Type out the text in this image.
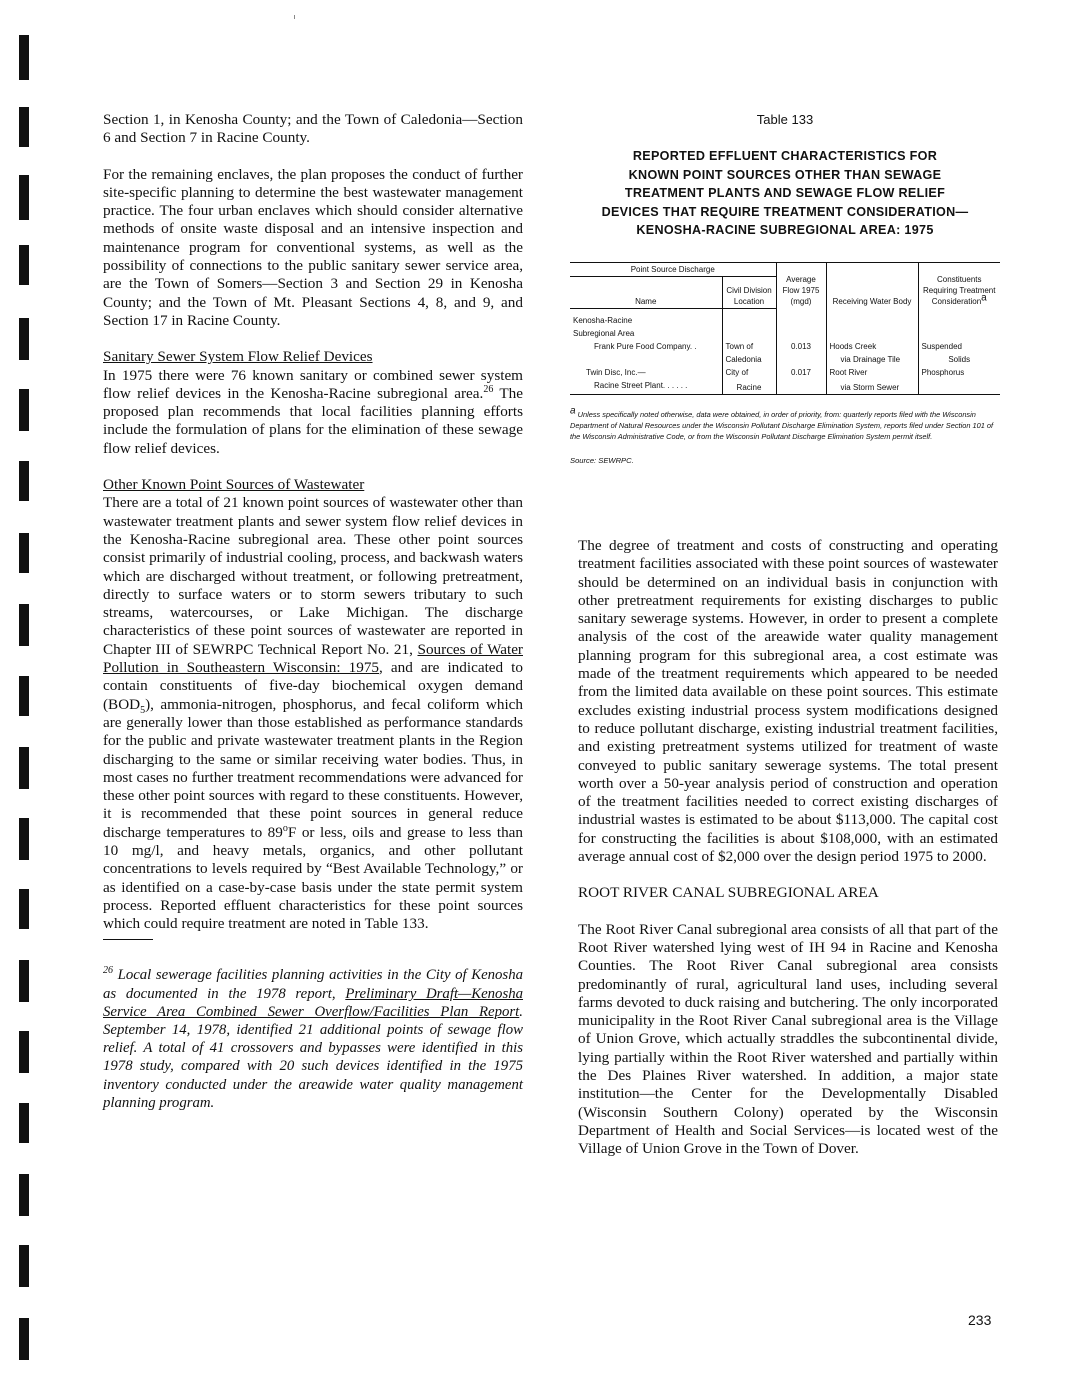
Section 1, in Kenosha County; and the Town of Caledonia—Section 6 and Section 7 in Racine County.

For the remaining enclaves, the plan proposes the conduct of further site-specific planning to determine the best wastewater management practice. The four urban enclaves which should consider alternative methods of onsite waste disposal and an intensive inspection and maintenance program for conventional systems, as well as the possibility of connections to the public sanitary sewer service area, are the Town of Somers—Section 3 and Section 29 in Kenosha County; and the Town of Mt. Pleasant Sections 4, 8, and 9, and Section 17 in Racine County.

Sanitary Sewer System Flow Relief Devices

In 1975 there were 76 known sanitary or combined sewer system flow relief devices in the Kenosha-Racine subregional area.$^{26}$ The proposed plan recommends that local facilities planning efforts include the formulation of plans for the elimination of these sewage flow relief devices.

Other Known Point Sources of Wastewater

There are a total of 21 known point sources of wastewater other than wastewater treatment plants and sewer system flow relief devices in the Kenosha-Racine subregional area. These other point sources consist primarily of industrial cooling, process, and backwash waters which are discharged without treatment, or following pretreatment, directly to surface waters or to storm sewers tributary to such streams, watercourses, or Lake Michigan. The discharge characteristics of these point sources of wastewater are reported in Chapter III of SEWRPC Technical Report No. 21, Sources of Water Pollution in Southeastern Wisconsin: 1975, and are indicated to contain constituents of five-day biochemical oxygen demand $(BOD_5)$, ammonia-nitrogen, phosphorus, and fecal coliform which are generally lower than those established as performance standards for the public and private wastewater treatment plants in the Region discharging to the same or similar receiving water bodies. Thus, in most cases no further treatment recommendations were advanced for these other point sources with regard to these constituents. However, it is recommended that these point sources in general reduce discharge temperatures to 89$^o$F or less, oils and grease to less than 10 mg/l, and heavy metals, organics, and other pollutant concentrations to levels required by “Best Available Technology,” or as identified on a case-by-case basis under the state permit system process. Reported effluent characteristics for these point sources which could require treatment are noted in Table 133.

$^{26}$ Local sewerage facilities planning activities in the City of Kenosha as documented in the 1978 report, Preliminary Draft—Kenosha Service Area Combined Sewer Overflow/Facilities Plan Report. September 14, 1978, identified 21 additional points of sewage flow relief. A total of 41 crossovers and bypasses were identified in this 1978 study, compared with 20 such devices identified in the 1975 inventory conducted under the areawide water quality management planning program.

Table 133

REPORTED EFFLUENT CHARACTERISTICS FOR

KNOWN POINT SOURCES OTHER THAN SEWAGE

TREATMENT PLANTS AND SEWAGE FLOW RELIEF

DEVICES THAT REQUIRE TREATMENT CONSIDERATION—

KENOSHA-RACINE SUBREGIONAL AREA: 1975

Point Source Discharge		Average Flow 1975 (mgd)	Receiving Water Body	Constituents Requiring Treatment Consideration$^a$
Name	Civil Division Location			
Kenosha-Racine				
Subregional Area				
Frank Pure Food Company. .	Town of	0.013	Hoods Creek	Suspended
	Caledonia		via Drainage Tile	Solids
Twin Disc, Inc.—	City of	0.017	Root River	Phosphorus
Racine Street Plant. . . . . .	Racine		via Storm Sewer	

$^a$ Unless specifically noted otherwise, data were obtained, in order of priority, from: quarterly reports filed with the Wisconsin Department of Natural Resources under the Wisconsin Pollutant Discharge Elimination System, reports filed under Section 101 of the Wisconsin Administrative Code, or from the Wisconsin Pollutant Discharge Elimination System permit itself.

Source: SEWRPC.

The degree of treatment and costs of constructing and operating treatment facilities associated with these point sources of wastewater should be determined on an individual basis in conjunction with other pretreatment requirements for existing discharges to public sanitary sewerage systems. However, in order to present a complete analysis of the cost of the areawide water quality management planning program for this subregional area, a cost estimate was made of the treatment requirements which appeared to be needed from the limited data available on these point sources. This estimate excludes existing industrial process system modifications designed to reduce pollutant discharge, existing industrial treatment facilities, and existing pretreatment systems utilized for treatment of waste conveyed to public sanitary sewerage systems. The total present worth over a 50-year analysis period of construction and operation of the treatment facilities needed to correct existing discharges of industrial wastes is estimated to be about $113,000. The capital cost for constructing the facilities is about $108,000, with an estimated average annual cost of $2,000 over the design period 1975 to 2000.

ROOT RIVER CANAL SUBREGIONAL AREA

The Root River Canal subregional area consists of all that part of the Root River watershed lying west of IH 94 in Racine and Kenosha Counties. The Root River Canal subregional area consists predominantly of rural, agricultural land uses, including several farms devoted to duck raising and butchering. The only incorporated municipality in the Root River Canal subregional area is the Village of Union Grove, which actually straddles the subcontinental divide, lying partially within the Root River watershed and partially within the Des Plaines River watershed. In addition, a major state institution—the Center for the Developmentally Disabled (Wisconsin Southern Colony) operated by the Wisconsin Department of Health and Social Services—is located west of the Village of Union Grove in the Town of Dover.

233
